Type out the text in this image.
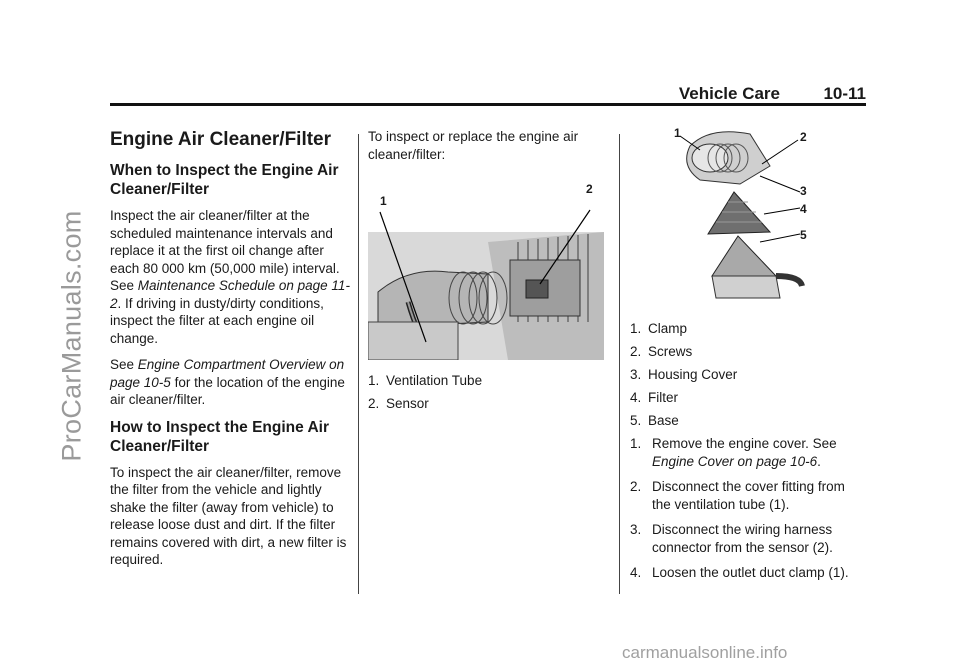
ProCarManuals.com
carmanualsonline.info
Vehicle Care	10-11
Engine Air Cleaner/Filter
When to Inspect the Engine Air Cleaner/Filter

Inspect the air cleaner/filter at the scheduled maintenance intervals and replace it at the first oil change after each 80 000 km (50,000 mile) interval. See Maintenance Schedule on page 11-2. If driving in dusty/dirty conditions, inspect the filter at each engine oil change.

See Engine Compartment Overview on page 10-5 for the location of the engine air cleaner/filter.

How to Inspect the Engine Air Cleaner/Filter

To inspect the air cleaner/filter, remove the filter from the vehicle and lightly shake the filter (away from vehicle) to release loose dust and dirt. If the filter remains covered with dirt, a new filter is required.

To inspect or replace the engine air cleaner/filter:

1
2
1. Ventilation Tube
2. Sensor
1	2
3
4
5
1. Clamp
2. Screws
3. Housing Cover
4. Filter
5. Base
1. Remove the engine cover. See Engine Cover on page 10-6.
2. Disconnect the cover fitting from the ventilation tube (1).
3. Disconnect the wiring harness connector from the sensor (2).
4. Loosen the outlet duct clamp (1).
